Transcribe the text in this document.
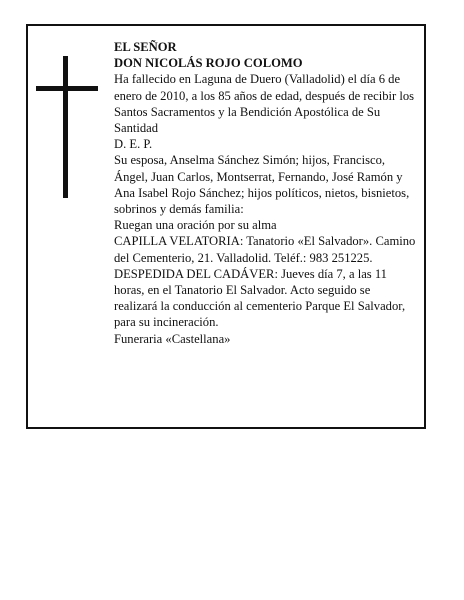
EL SEÑOR

DON NICOLÁS ROJO COLOMO

Ha fallecido en Laguna de Duero (Valladolid) el día 6 de enero de 2010, a los 85 años de edad, después de recibir los Santos Sacramentos y la Bendición Apostólica de Su Santidad

D. E. P.

Su esposa, Anselma Sánchez Simón; hijos, Francisco, Ángel, Juan Carlos, Montserrat, Fernando, José Ramón y Ana Isabel Rojo Sánchez; hijos políticos, nietos, bisnietos, sobrinos y demás familia:

Ruegan una oración por su alma

CAPILLA VELATORIA: Tanatorio «El Salvador». Camino del Cementerio, 21. Valladolid. Teléf.: 983 251225.

DESPEDIDA DEL CADÁVER: Jueves día 7, a las 11 horas, en el Tanatorio El Salvador. Acto seguido se realizará la conducción al cementerio Parque El Salvador, para su incineración.

Funeraria «Castellana»
